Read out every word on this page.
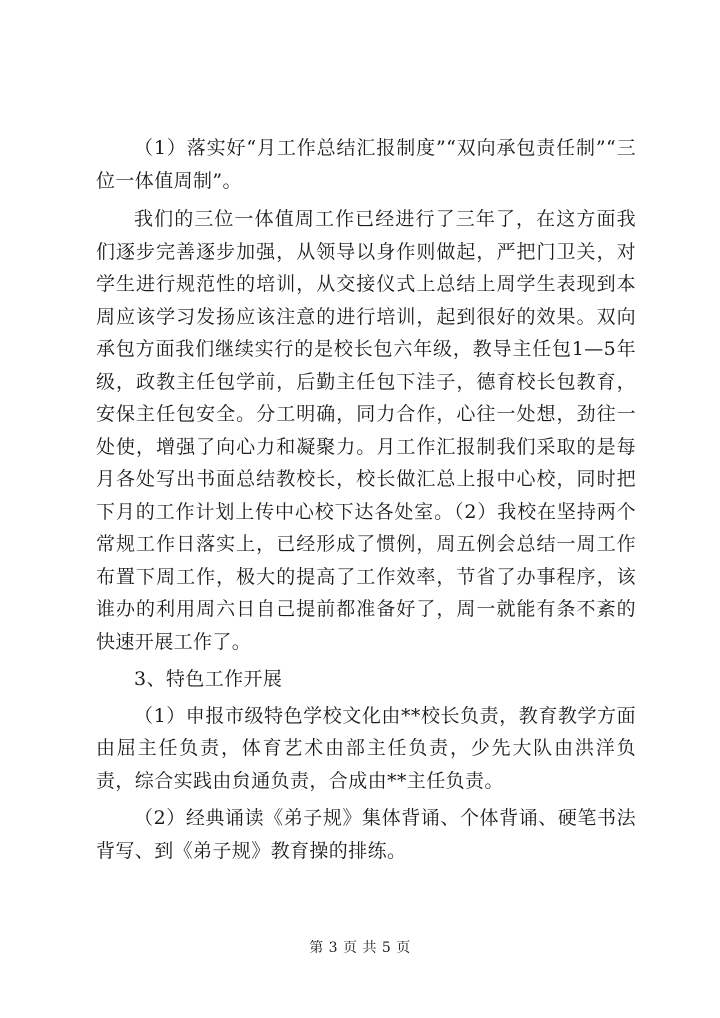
（1）落实好“月工作总结汇报制度”“双向承包责任制”“三位一体值周制”。

我们的三位一体值周工作已经进行了三年了，在这方面我们逐步完善逐步加强，从领导以身作则做起，严把门卫关，对学生进行规范性的培训，从交接仪式上总结上周学生表现到本周应该学习发扬应该注意的进行培训，起到很好的效果。双向承包方面我们继续实行的是校长包六年级，教导主任包1—5年级，政教主任包学前，后勤主任包下洼子，德育校长包教育，安保主任包安全。分工明确，同力合作，心往一处想，劲往一处使，增强了向心力和凝聚力。月工作汇报制我们采取的是每月各处写出书面总结教校长，校长做汇总上报中心校，同时把下月的工作计划上传中心校下达各处室。（2）我校在坚持两个常规工作日落实上，已经形成了惯例，周五例会总结一周工作布置下周工作，极大的提高了工作效率，节省了办事程序，该谁办的利用周六日自己提前都准备好了，周一就能有条不紊的快速开展工作了。

3、特色工作开展

（1）申报市级特色学校文化由**校长负责，教育教学方面由屈主任负责，体育艺术由部主任负责，少先大队由洪洋负责，综合实践由贠通负责，合成由**主任负责。

（2）经典诵读《弟子规》集体背诵、个体背诵、硬笔书法背写、到《弟子规》教育操的排练。

第 3 页 共 5 页
